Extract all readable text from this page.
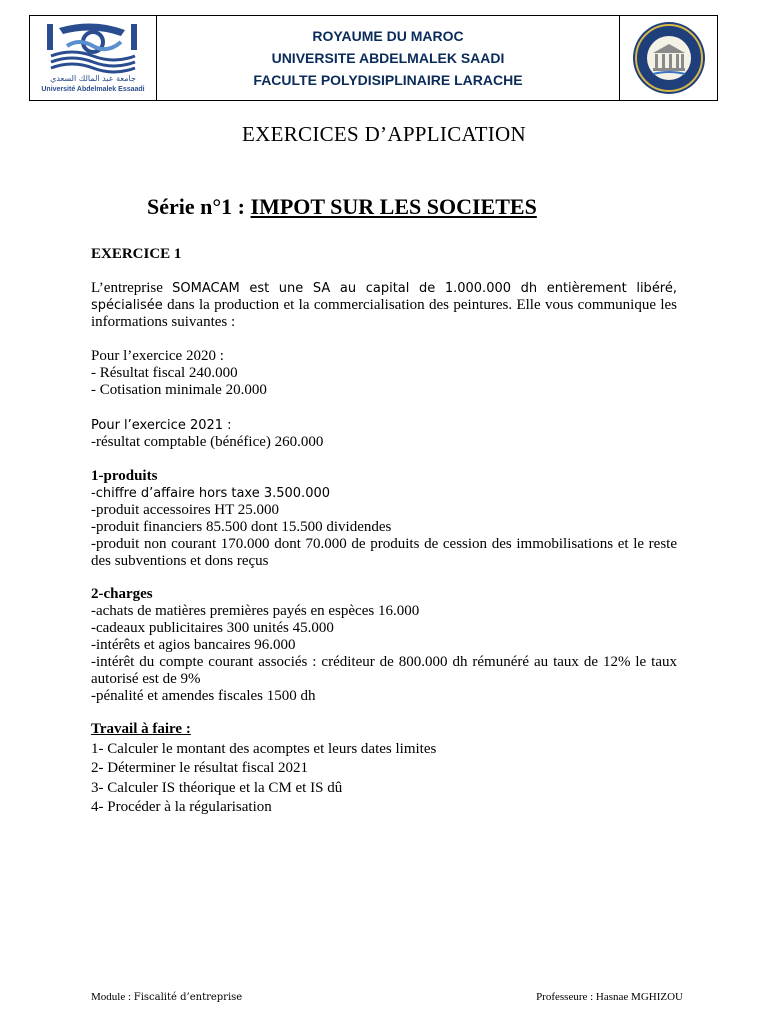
جامعة عبد المالك السعدي
Université Abdelmalek Essaadi
ROYAUME DU MAROC
UNIVERSITE ABDELMALEK SAADI
FACULTE POLYDISIPLINAIRE LARACHE
EXERCICES D’APPLICATION
Série n°1 : IMPOT SUR LES SOCIETES
EXERCICE 1
L’entreprise SOMACAM est une SA au capital de 1.000.000 dh entièrement libéré, spécialisée dans la production et la commercialisation des peintures. Elle vous communique les informations suivantes :
Pour l’exercice 2020 :
- Résultat fiscal 240.000
- Cotisation minimale 20.000
Pour l’exercice 2021 :
-résultat comptable (bénéfice) 260.000
1-produits
-chiffre d’affaire hors taxe 3.500.000
-produit accessoires HT 25.000
-produit financiers 85.500 dont 15.500 dividendes
-produit non courant 170.000 dont 70.000 de produits de cession des immobilisations et le reste des subventions et dons reçus
2-charges
-achats de matières premières payés en espèces 16.000
-cadeaux publicitaires 300 unités 45.000
-intérêts et agios bancaires 96.000
-intérêt du compte courant associés : créditeur de 800.000 dh rémunéré au taux de 12% le taux autorisé est de 9%
-pénalité et amendes fiscales 1500 dh
Travail à faire :
1- Calculer le montant des acomptes et leurs dates limites
2- Déterminer le résultat fiscal 2021
3- Calculer IS théorique et la CM et IS dû
4- Procéder à la régularisation
Module : Fiscalité d’entreprise	Professeure : Hasnae MGHIZOU
